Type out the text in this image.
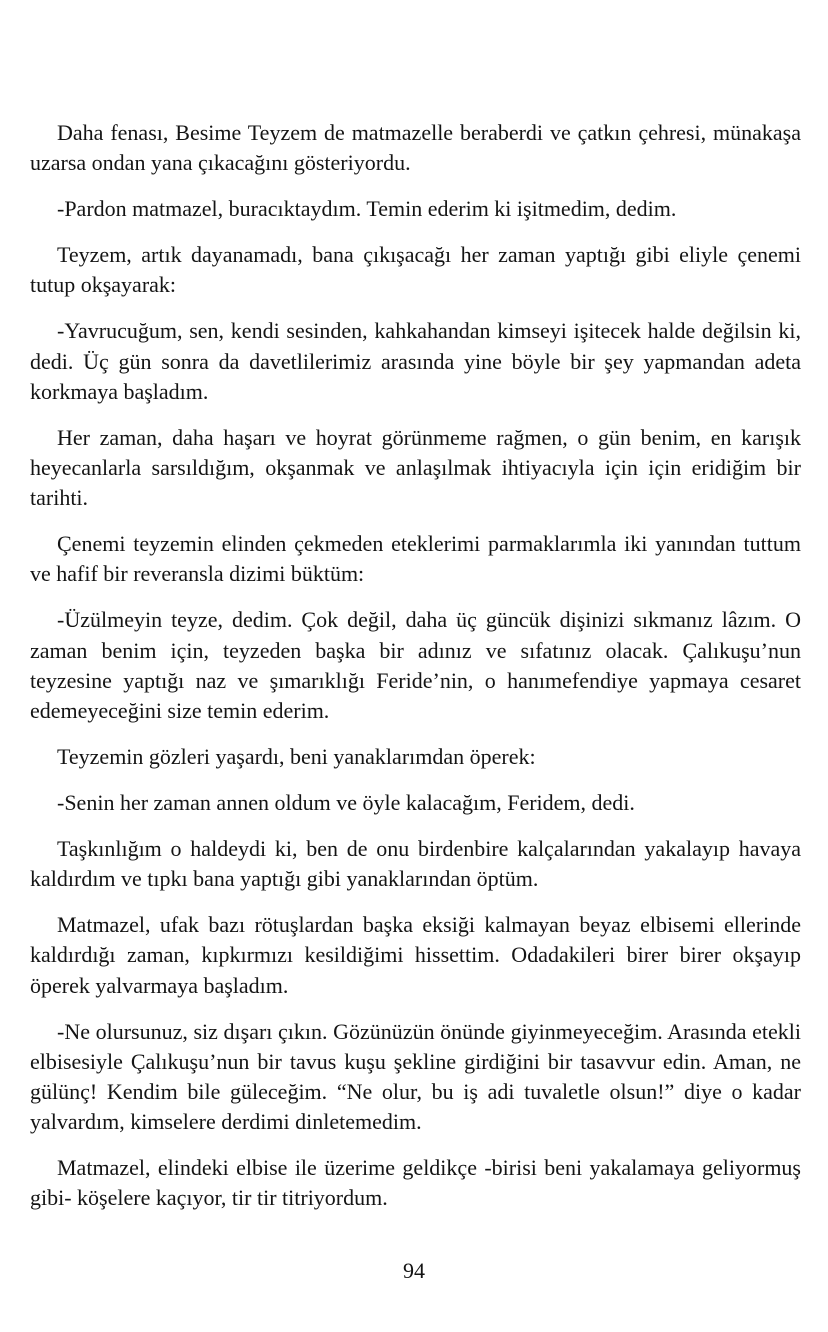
Daha fenası, Besime Teyzem de matmazelle beraberdi ve çatkın çehresi, münakaşa uzarsa ondan yana çıkacağını gösteriyordu.

-Pardon matmazel, buracıktaydım. Temin ederim ki işitmedim, dedim.

Teyzem, artık dayanamadı, bana çıkışacağı her zaman yaptığı gibi eliyle çenemi tutup okşayarak:

-Yavrucuğum, sen, kendi sesinden, kahkahandan kimseyi işitecek halde değilsin ki, dedi. Üç gün sonra da davetlilerimiz arasında yine böyle bir şey yapmandan adeta korkmaya başladım.

Her zaman, daha haşarı ve hoyrat görünmeme rağmen, o gün benim, en karışık heyecanlarla sarsıldığım, okşanmak ve anlaşılmak ihtiyacıyla için için eridiğim bir tarihti.

Çenemi teyzemin elinden çekmeden eteklerimi parmaklarımla iki yanından tuttum ve hafif bir reveransla dizimi büktüm:

-Üzülmeyin teyze, dedim. Çok değil, daha üç güncük dişinizi sıkmanız lâzım. O zaman benim için, teyzeden başka bir adınız ve sıfatınız olacak. Çalıkuşu’nun teyzesine yaptığı naz ve şımarıklığı Feride’nin, o hanımefendiye yapmaya cesaret edemeyeceğini size temin ederim.

Teyzemin gözleri yaşardı, beni yanaklarımdan öperek:

-Senin her zaman annen oldum ve öyle kalacağım, Feridem, dedi.

Taşkınlığım o haldeydi ki, ben de onu birdenbire kalçalarından yakalayıp havaya kaldırdım ve tıpkı bana yaptığı gibi yanaklarından öptüm.

Matmazel, ufak bazı rötuşlardan başka eksiği kalmayan beyaz elbisemi ellerinde kaldırdığı zaman, kıpkırmızı kesildiğimi hissettim. Odadakileri birer birer okşayıp öperek yalvarmaya başladım.

-Ne olursunuz, siz dışarı çıkın. Gözünüzün önünde giyinmeyeceğim. Arasında etekli elbisesiyle Çalıkuşu’nun bir tavus kuşu şekline girdiğini bir tasavvur edin. Aman, ne gülünç! Kendim bile güleceğim. “Ne olur, bu iş adi tuvaletle olsun!” diye o kadar yalvardım, kimselere derdimi dinletemedim.

Matmazel, elindeki elbise ile üzerime geldikçe -birisi beni yakalamaya geliyormuş gibi- köşelere kaçıyor, tir tir titriyordum.

94
